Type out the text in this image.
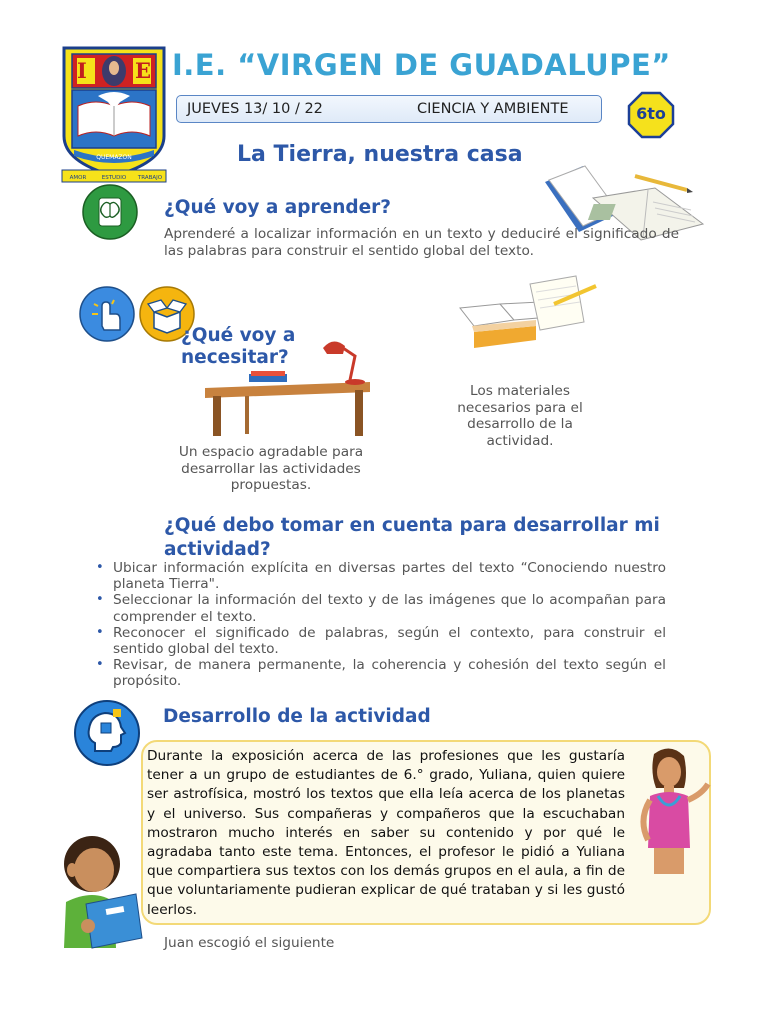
QUEMAZON
AMOR	ESTUDIO TRABAJO
I E I.E. “VIRGEN DE GUADALUPE”
JUEVES 13/ 10 / 22	CIENCIA Y AMBIENTE	6to
La Tierra, nuestra casa
¿Qué voy a aprender?
Aprenderé a localizar información en un texto y deduciré el significado de las palabras para construir el sentido global del texto.
¿Qué voy a necesitar?
Un espacio agradable para desarrollar las actividades propuestas.
Los materiales necesarios para el desarrollo de la actividad.
¿Qué debo tomar en cuenta para desarrollar mi actividad?
• Ubicar información explícita en diversas partes del texto “Conociendo nuestro planeta Tierra".
• Seleccionar la información del texto y de las imágenes que lo acompañan para comprender el texto.
• Reconocer el significado de palabras, según el contexto, para construir el sentido global del texto.
• Revisar, de manera permanente, la coherencia y cohesión del texto según el propósito.
Desarrollo de la actividad
Durante la exposición acerca de las profesiones que les gustaría tener a un grupo de estudiantes de 6.° grado, Yuliana, quien quiere ser astrofísica, mostró los textos que ella leía acerca de los planetas y el universo. Sus compañeras y compañeros que la escuchaban mostraron mucho interés en saber su contenido y por qué le agradaba tanto este tema. Entonces, el profesor le pidió a Yuliana que compartiera sus textos con los demás grupos en el aula, a fin de que voluntariamente pudieran explicar de qué trataban y si les gustó leerlos.
Juan escogió el siguiente
